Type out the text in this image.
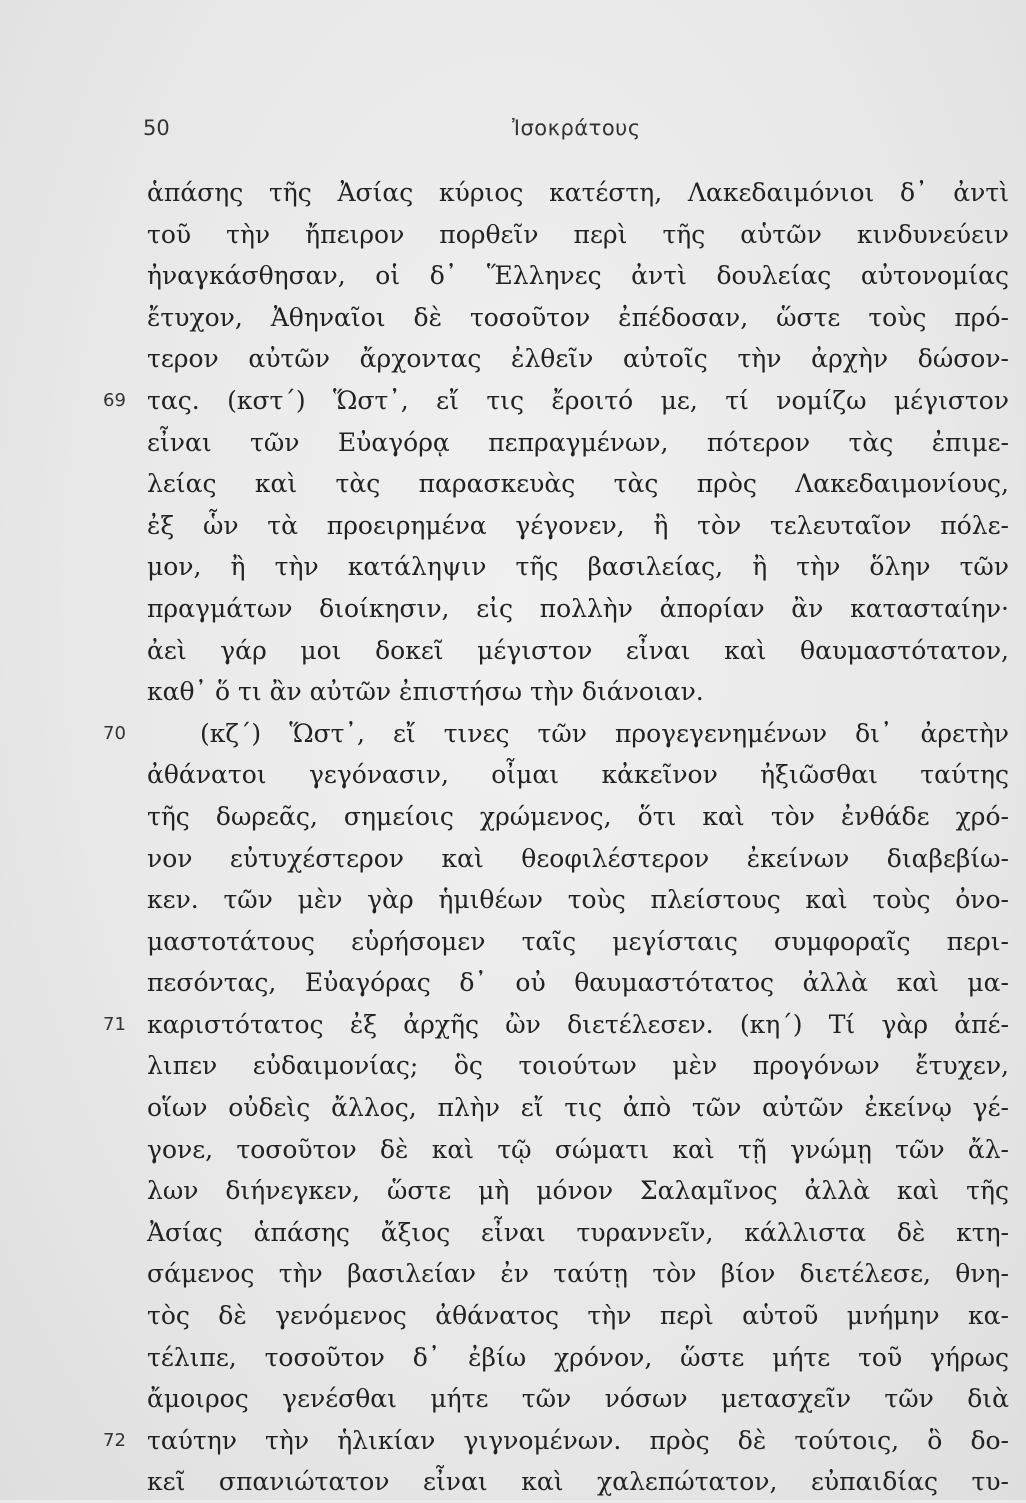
50	Ἰσοκράτους
ἁπάσης τῆς Ἀσίας κύριος κατέστη, Λακεδαιμόνιοι δ᾿ ἀντὶ
τοῦ τὴν ἤπειρον πορθεῖν περὶ τῆς αὑτῶν κινδυνεύειν
ἠναγκάσθησαν, οἱ δ᾿ Ἕλληνες ἀντὶ δουλείας αὐτονομίας
ἔτυχον, Ἀθηναῖοι δὲ τοσοῦτον ἐπέδοσαν, ὥστε τοὺς πρό-
τερον αὐτῶν ἄρχοντας ἐλθεῖν αὐτοῖς τὴν ἀρχὴν δώσον-
69 τας. (κστ΄) Ὥστ᾿, εἴ τις ἔροιτό με, τί νομίζω μέγιστον
εἶναι τῶν Εὐαγόρᾳ πεπραγμένων, πότερον τὰς ἐπιμε-
λείας καὶ τὰς παρασκευὰς τὰς πρὸς Λακεδαιμονίους,
ἐξ ὧν τὰ προειρημένα γέγονεν, ἢ τὸν τελευταῖον πόλε-
μον, ἢ τὴν κατάληψιν τῆς βασιλείας, ἢ τὴν ὅλην τῶν
πραγμάτων διοίκησιν, εἰς πολλὴν ἀπορίαν ἂν κατασταίην·
ἀεὶ γάρ μοι δοκεῖ μέγιστον εἶναι καὶ θαυμαστότατον,
καθ᾿ ὅ τι ἂν αὐτῶν ἐπιστήσω τὴν διάνοιαν.
70	(κζ΄) Ὥστ᾿, εἴ τινες τῶν προγεγενημένων δι᾿ ἀρετὴν
ἀθάνατοι γεγόνασιν, οἶμαι κἀκεῖνον ἠξιῶσθαι ταύτης
τῆς δωρεᾶς, σημείοις χρώμενος, ὅτι καὶ τὸν ἐνθάδε χρό-
νον εὐτυχέστερον καὶ θεοφιλέστερον ἐκείνων διαβεβίω-
κεν. τῶν μὲν γὰρ ἡμιθέων τοὺς πλείστους καὶ τοὺς ὀνο-
μαστοτάτους εὑρήσομεν ταῖς μεγίσταις συμφοραῖς περι-
πεσόντας, Εὐαγόρας δ᾿ οὐ θαυμαστότατος ἀλλὰ καὶ μα-
71 καριστότατος ἐξ ἀρχῆς ὢν διετέλεσεν. (κη΄) Τί γὰρ ἀπέ-
λιπεν εὐδαιμονίας; ὃς τοιούτων μὲν προγόνων ἔτυχεν,
οἵων οὐδεὶς ἄλλος, πλὴν εἴ τις ἀπὸ τῶν αὐτῶν ἐκείνῳ γέ-
γονε, τοσοῦτον δὲ καὶ τῷ σώματι καὶ τῇ γνώμῃ τῶν ἄλ-
λων διήνεγκεν, ὥστε μὴ μόνον Σαλαμῖνος ἀλλὰ καὶ τῆς
Ἀσίας ἁπάσης ἄξιος εἶναι τυραννεῖν, κάλλιστα δὲ κτη-
σάμενος τὴν βασιλείαν ἐν ταύτῃ τὸν βίον διετέλεσε, θνη-
τὸς δὲ γενόμενος ἀθάνατος τὴν περὶ αὑτοῦ μνήμην κα-
τέλιπε, τοσοῦτον δ᾿ ἐβίω χρόνον, ὥστε μήτε τοῦ γήρως
ἄμοιρος γενέσθαι μήτε τῶν νόσων μετασχεῖν τῶν διὰ
72 ταύτην τὴν ἡλικίαν γιγνομένων. πρὸς δὲ τούτοις, ὃ δο-
κεῖ σπανιώτατον εἶναι καὶ χαλεπώτατον, εὐπαιδίας τυ-
